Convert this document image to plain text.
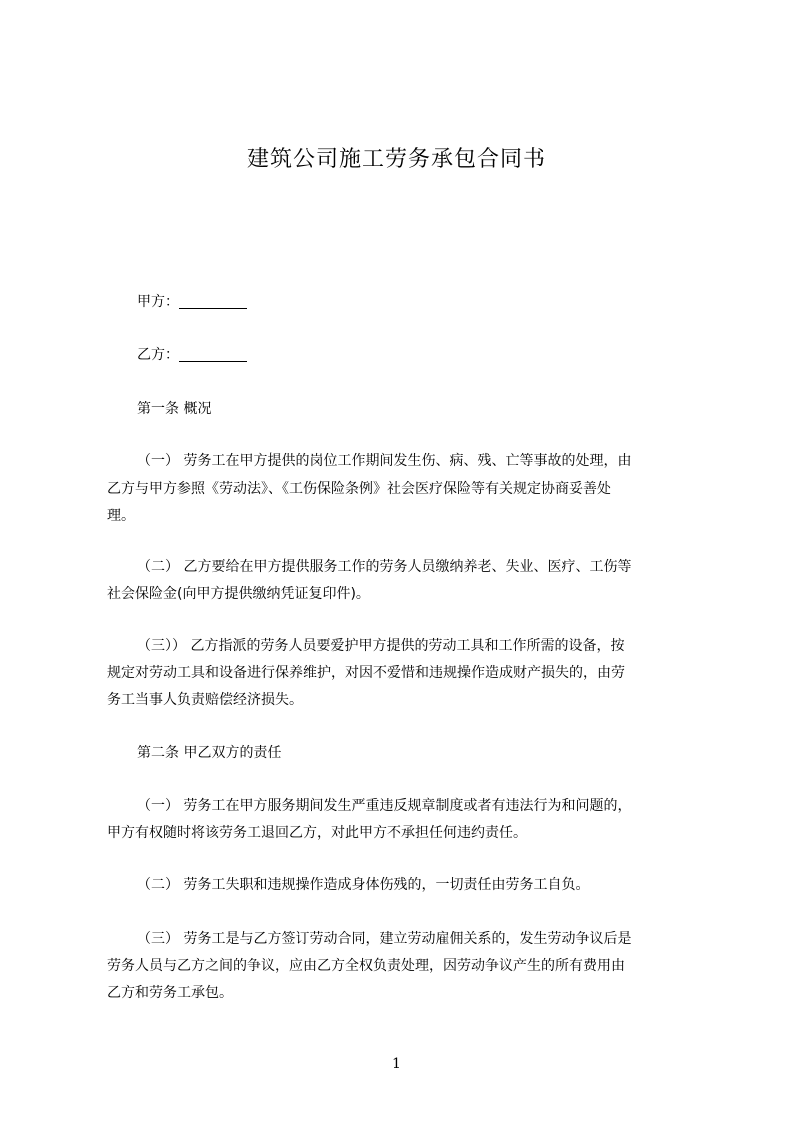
建筑公司施工劳务承包合同书
甲方：
乙方：
第一条 概况
（一） 劳务工在甲方提供的岗位工作期间发生伤、病、残、亡等事故的处理，由
乙方与甲方参照《劳动法》、《工伤保险条例》社会医疗保险等有关规定协商妥善处
理。
（二） 乙方要给在甲方提供服务工作的劳务人员缴纳养老、失业、医疗、工伤等
社会保险金(向甲方提供缴纳凭证复印件)。
（三）） 乙方指派的劳务人员要爱护甲方提供的劳动工具和工作所需的设备，按
规定对劳动工具和设备进行保养维护，对因不爱惜和违规操作造成财产损失的，由劳
务工当事人负责赔偿经济损失。
第二条 甲乙双方的责任
（一） 劳务工在甲方服务期间发生严重违反规章制度或者有违法行为和问题的，
甲方有权随时将该劳务工退回乙方，对此甲方不承担任何违约责任。
（二） 劳务工失职和违规操作造成身体伤残的，一切责任由劳务工自负。
（三） 劳务工是与乙方签订劳动合同，建立劳动雇佣关系的，发生劳动争议后是
劳务人员与乙方之间的争议，应由乙方全权负责处理，因劳动争议产生的所有费用由
乙方和劳务工承包。
1
